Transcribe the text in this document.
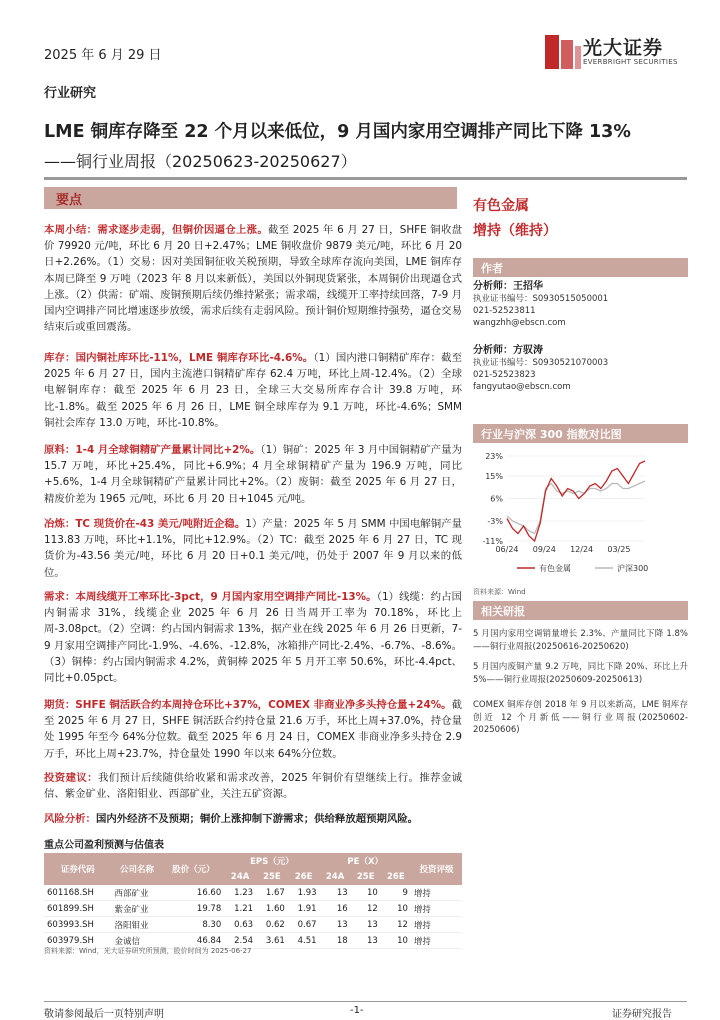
2025 年 6 月 29 日	光大证券
EVERBRIGHT SECURITIES
行业研究
LME 铜库存降至 22 个月以来低位，9 月国内家用空调排产同比下降 13%
——铜行业周报（20250623-20250627）
要点
本周小结：需求逐步走弱，但铜价因逼仓上涨。截至 2025 年 6 月 27 日，SHFE 铜收盘价 79920 元/吨，环比 6 月 20 日+2.47%；LME 铜收盘价 9879 美元/吨，环比 6 月 20 日+2.26%。（1）交易：因对美国铜征收关税预期，导致全球库存流向美国，LME 铜库存本周已降至 9 万吨（2023 年 8 月以来新低），美国以外铜现货紧张，本周铜价出现逼仓式上涨。（2）供需：矿端、废铜预期后续仍维持紧张；需求端，线缆开工率持续回落，7-9 月国内空调排产同比增速逐步放缓，需求后续有走弱风险。预计铜价短期维持强势，逼仓交易结束后或重回震荡。
库存：国内铜社库环比-11%，LME 铜库存环比-4.6%。（1）国内港口铜精矿库存：截至 2025 年 6 月 27 日，国内主流港口铜精矿库存 62.4 万吨，环比上周-12.4%。（2）全球电解铜库存：截至 2025 年 6 月 23 日，全球三大交易所库存合计 39.8 万吨，环比-1.8%。截至 2025 年 6 月 26 日，LME 铜全球库存为 9.1 万吨，环比-4.6%；SMM 铜社会库存 13.0 万吨，环比-10.8%。
原料：1-4 月全球铜精矿产量累计同比+2%。（1）铜矿：2025 年 3 月中国铜精矿产量为 15.7 万吨，环比+25.4%，同比+6.9%；4 月全球铜精矿产量为 196.9 万吨，同比+5.6%，1-4 月全球铜精矿产量累计同比+2%。（2）废铜：截至 2025 年 6 月 27 日，精废价差为 1965 元/吨，环比 6 月 20 日+1045 元/吨。
冶炼：TC 现货价在-43 美元/吨附近企稳。1）产量：2025 年 5 月 SMM 中国电解铜产量 113.83 万吨，环比+1.1%，同比+12.9%。（2）TC：截至 2025 年 6 月 27 日，TC 现货价为-43.56 美元/吨，环比 6 月 20 日+0.1 美元/吨，仍处于 2007 年 9 月以来的低位。
需求：本周线缆开工率环比-3pct，9 月国内家用空调排产同比-13%。（1）线缆：约占国内铜需求 31%，线缆企业 2025 年 6 月 26 日当周开工率为 70.18%，环比上周-3.08pct。（2）空调：约占国内铜需求 13%，据产业在线 2025 年 6 月 26 日更新，7-9 月家用空调排产同比-1.9%、-4.6%、-12.8%，冰箱排产同比-2.4%、-6.7%、-8.6%。（3）铜棒：约占国内铜需求 4.2%，黄铜棒 2025 年 5 月开工率 50.6%，环比-4.4pct、同比+0.05pct。
期货：SHFE 铜活跃合约本周持仓环比+37%，COMEX 非商业净多头持仓量+24%。截至 2025 年 6 月 27 日，SHFE 铜活跃合约持仓量 21.6 万手，环比上周+37.0%，持仓量处 1995 年至今 64%分位数。截至 2025 年 6 月 24 日，COMEX 非商业净多头持仓 2.9 万手，环比上周+23.7%，持仓量处 1990 年以来 64%分位数。
投资建议：我们预计后续随供给收紧和需求改善，2025 年铜价有望继续上行。推荐金诚信、紫金矿业、洛阳钼业、西部矿业，关注五矿资源。
风险分析：国内外经济不及预期；铜价上涨抑制下游需求；供给释放超预期风险。
重点公司盈利预测与估值表
证券代码	公司名称	股价（元）	EPS（元）			PE（X）			投资评级
			24A	25E	26E	24A	25E	26E	
601168.SH	西部矿业	16.60	1.23	1.67	1.93	13	10	9	增持
601899.SH	紫金矿业	19.78	1.21	1.60	1.91	16	12	10	增持
603993.SH	洛阳钼业	8.30	0.63	0.62	0.67	13	13	12	增持
603979.SH	金诚信	46.84	2.54	3.61	4.51	18	13	10	增持
资料来源：Wind，光大证券研究所预测，股价时间为 2025-06-27
有色金属
增持（维持）
作者
分析师：王招华
执业证书编号：S0930515050001
021-52523811
wangzhh@ebscn.com
分析师：方驭涛
执业证书编号：S0930521070003
021-52523823
fangyutao@ebscn.com
行业与沪深 300 指数对比图
23%
15%
6%
-3%
-11%
06/24 09/24 12/24 03/25
有色金属	沪深300
资料来源：Wind
相关研报
5 月国内家用空调销量增长 2.3%、产量同比下降 1.8%——铜行业周报(20250616-20250620)
5 月国内废铜产量 9.2 万吨，同比下降 20%、环比上升 5%——铜行业周报(20250609-20250613)
COMEX 铜库存创 2018 年 9 月以来新高，LME 铜库存创近 12 个月新低——铜行业周报(20250602-20250606)
敬请参阅最后一页特别声明	-1-	证券研究报告
